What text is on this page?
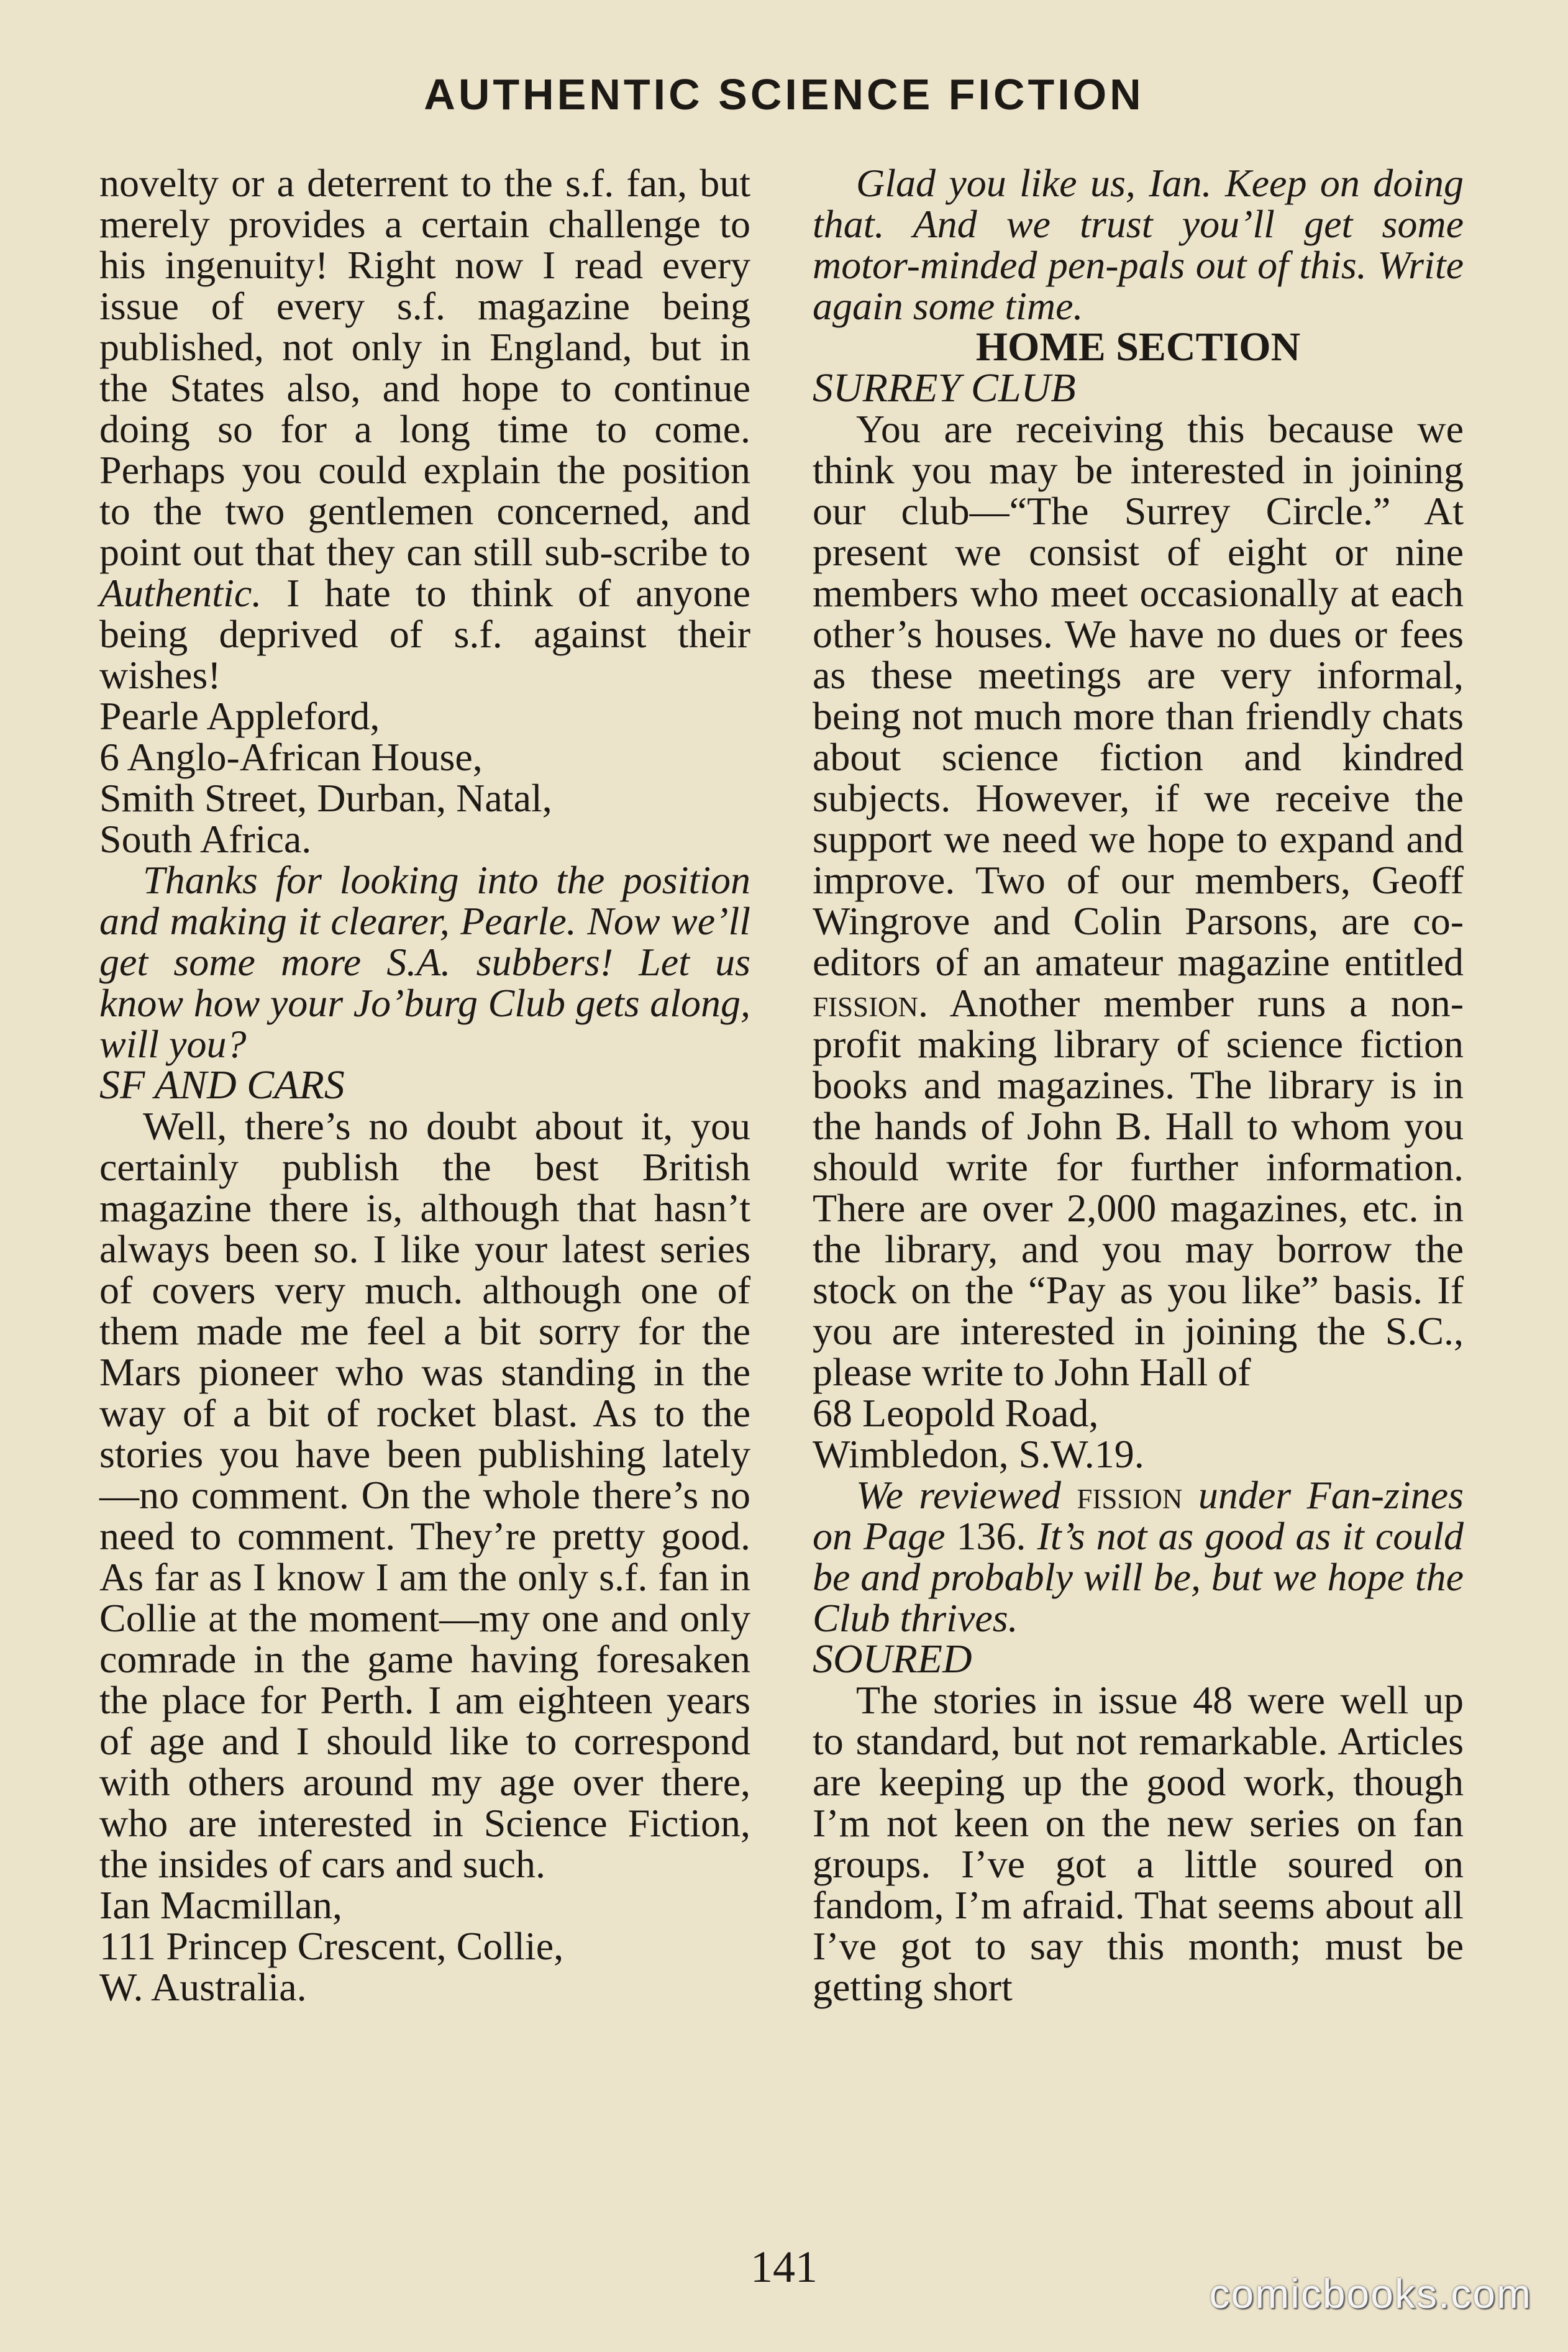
AUTHENTIC SCIENCE FICTION

novelty or a deterrent to the s.f. fan, but merely provides a certain challenge to his ingenuity! Right now I read every issue of every s.f. magazine being published, not only in England, but in the States also, and hope to continue doing so for a long time to come. Perhaps you could explain the position to the two gentlemen concerned, and point out that they can still sub-scribe to Authentic. I hate to think of anyone being deprived of s.f. against their wishes!

Pearle Appleford,

6 Anglo-African House,

Smith Street, Durban, Natal,

South Africa.

Thanks for looking into the position and making it clearer, Pearle. Now we’ll get some more S.A. subbers! Let us know how your Jo’burg Club gets along, will you?

SF AND CARS

Well, there’s no doubt about it, you certainly publish the best British magazine there is, although that hasn’t always been so. I like your latest series of covers very much. although one of them made me feel a bit sorry for the Mars pioneer who was standing in the way of a bit of rocket blast. As to the stories you have been publishing lately—no comment. On the whole there’s no need to comment. They’re pretty good. As far as I know I am the only s.f. fan in Collie at the moment—my one and only comrade in the game having foresaken the place for Perth. I am eighteen years of age and I should like to correspond with others around my age over there, who are interested in Science Fiction, the insides of cars and such.

Ian Macmillan,

111 Princep Crescent, Collie,

W. Australia.

Glad you like us, Ian. Keep on doing that. And we trust you’ll get some motor-minded pen-pals out of this. Write again some time.

HOME SECTION

SURREY CLUB

You are receiving this because we think you may be interested in joining our club—“The Surrey Circle.” At present we consist of eight or nine members who meet occasionally at each other’s houses. We have no dues or fees as these meetings are very informal, being not much more than friendly chats about science fiction and kindred subjects. However, if we receive the support we need we hope to expand and improve. Two of our members, Geoff Wingrove and Colin Parsons, are co-editors of an amateur magazine entitled fission. Another member runs a non-profit making library of science fiction books and magazines. The library is in the hands of John B. Hall to whom you should write for further information. There are over 2,000 magazines, etc. in the library, and you may borrow the stock on the “Pay as you like” basis. If you are interested in joining the S.C., please write to John Hall of

68 Leopold Road,

Wimbledon, S.W.19.

We reviewed fission under Fan-zines on Page 136. It’s not as good as it could be and probably will be, but we hope the Club thrives.

SOURED

The stories in issue 48 were well up to standard, but not remarkable. Articles are keeping up the good work, though I’m not keen on the new series on fan groups. I’ve got a little soured on fandom, I’m afraid. That seems about all I’ve got to say this month; must be getting short

141
comicbooks.com
